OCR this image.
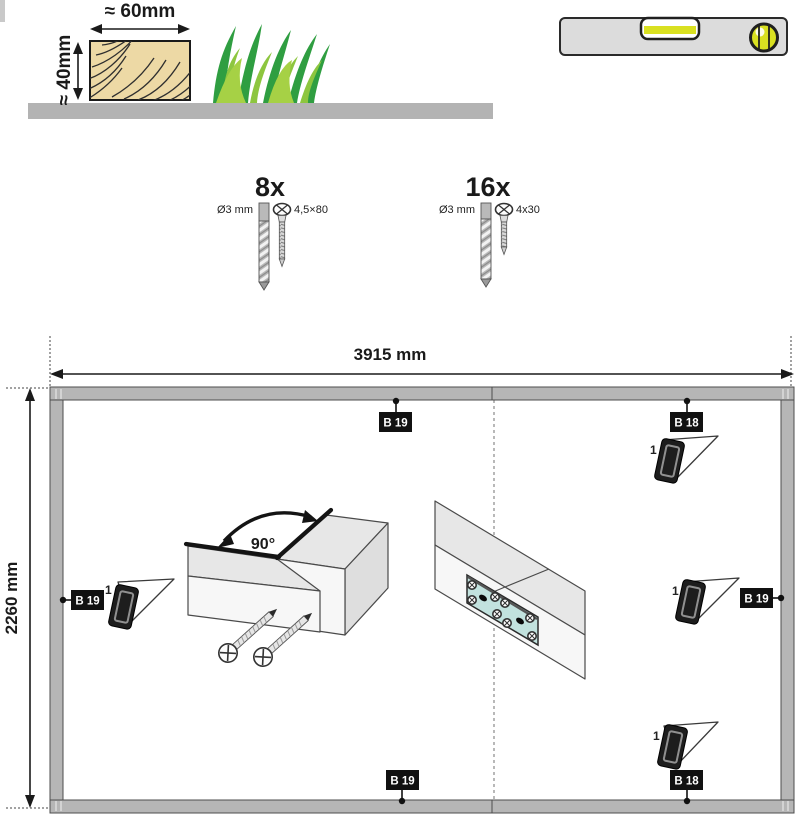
≈ 60mm
≈ 40mm
8x
Ø3 mm	4,5×80
16x
Ø3 mm	4x30
3915 mm
2260 mm
90°
1
1
1
1
B 19	B 18
B 19	B 19
B 19	B 18
